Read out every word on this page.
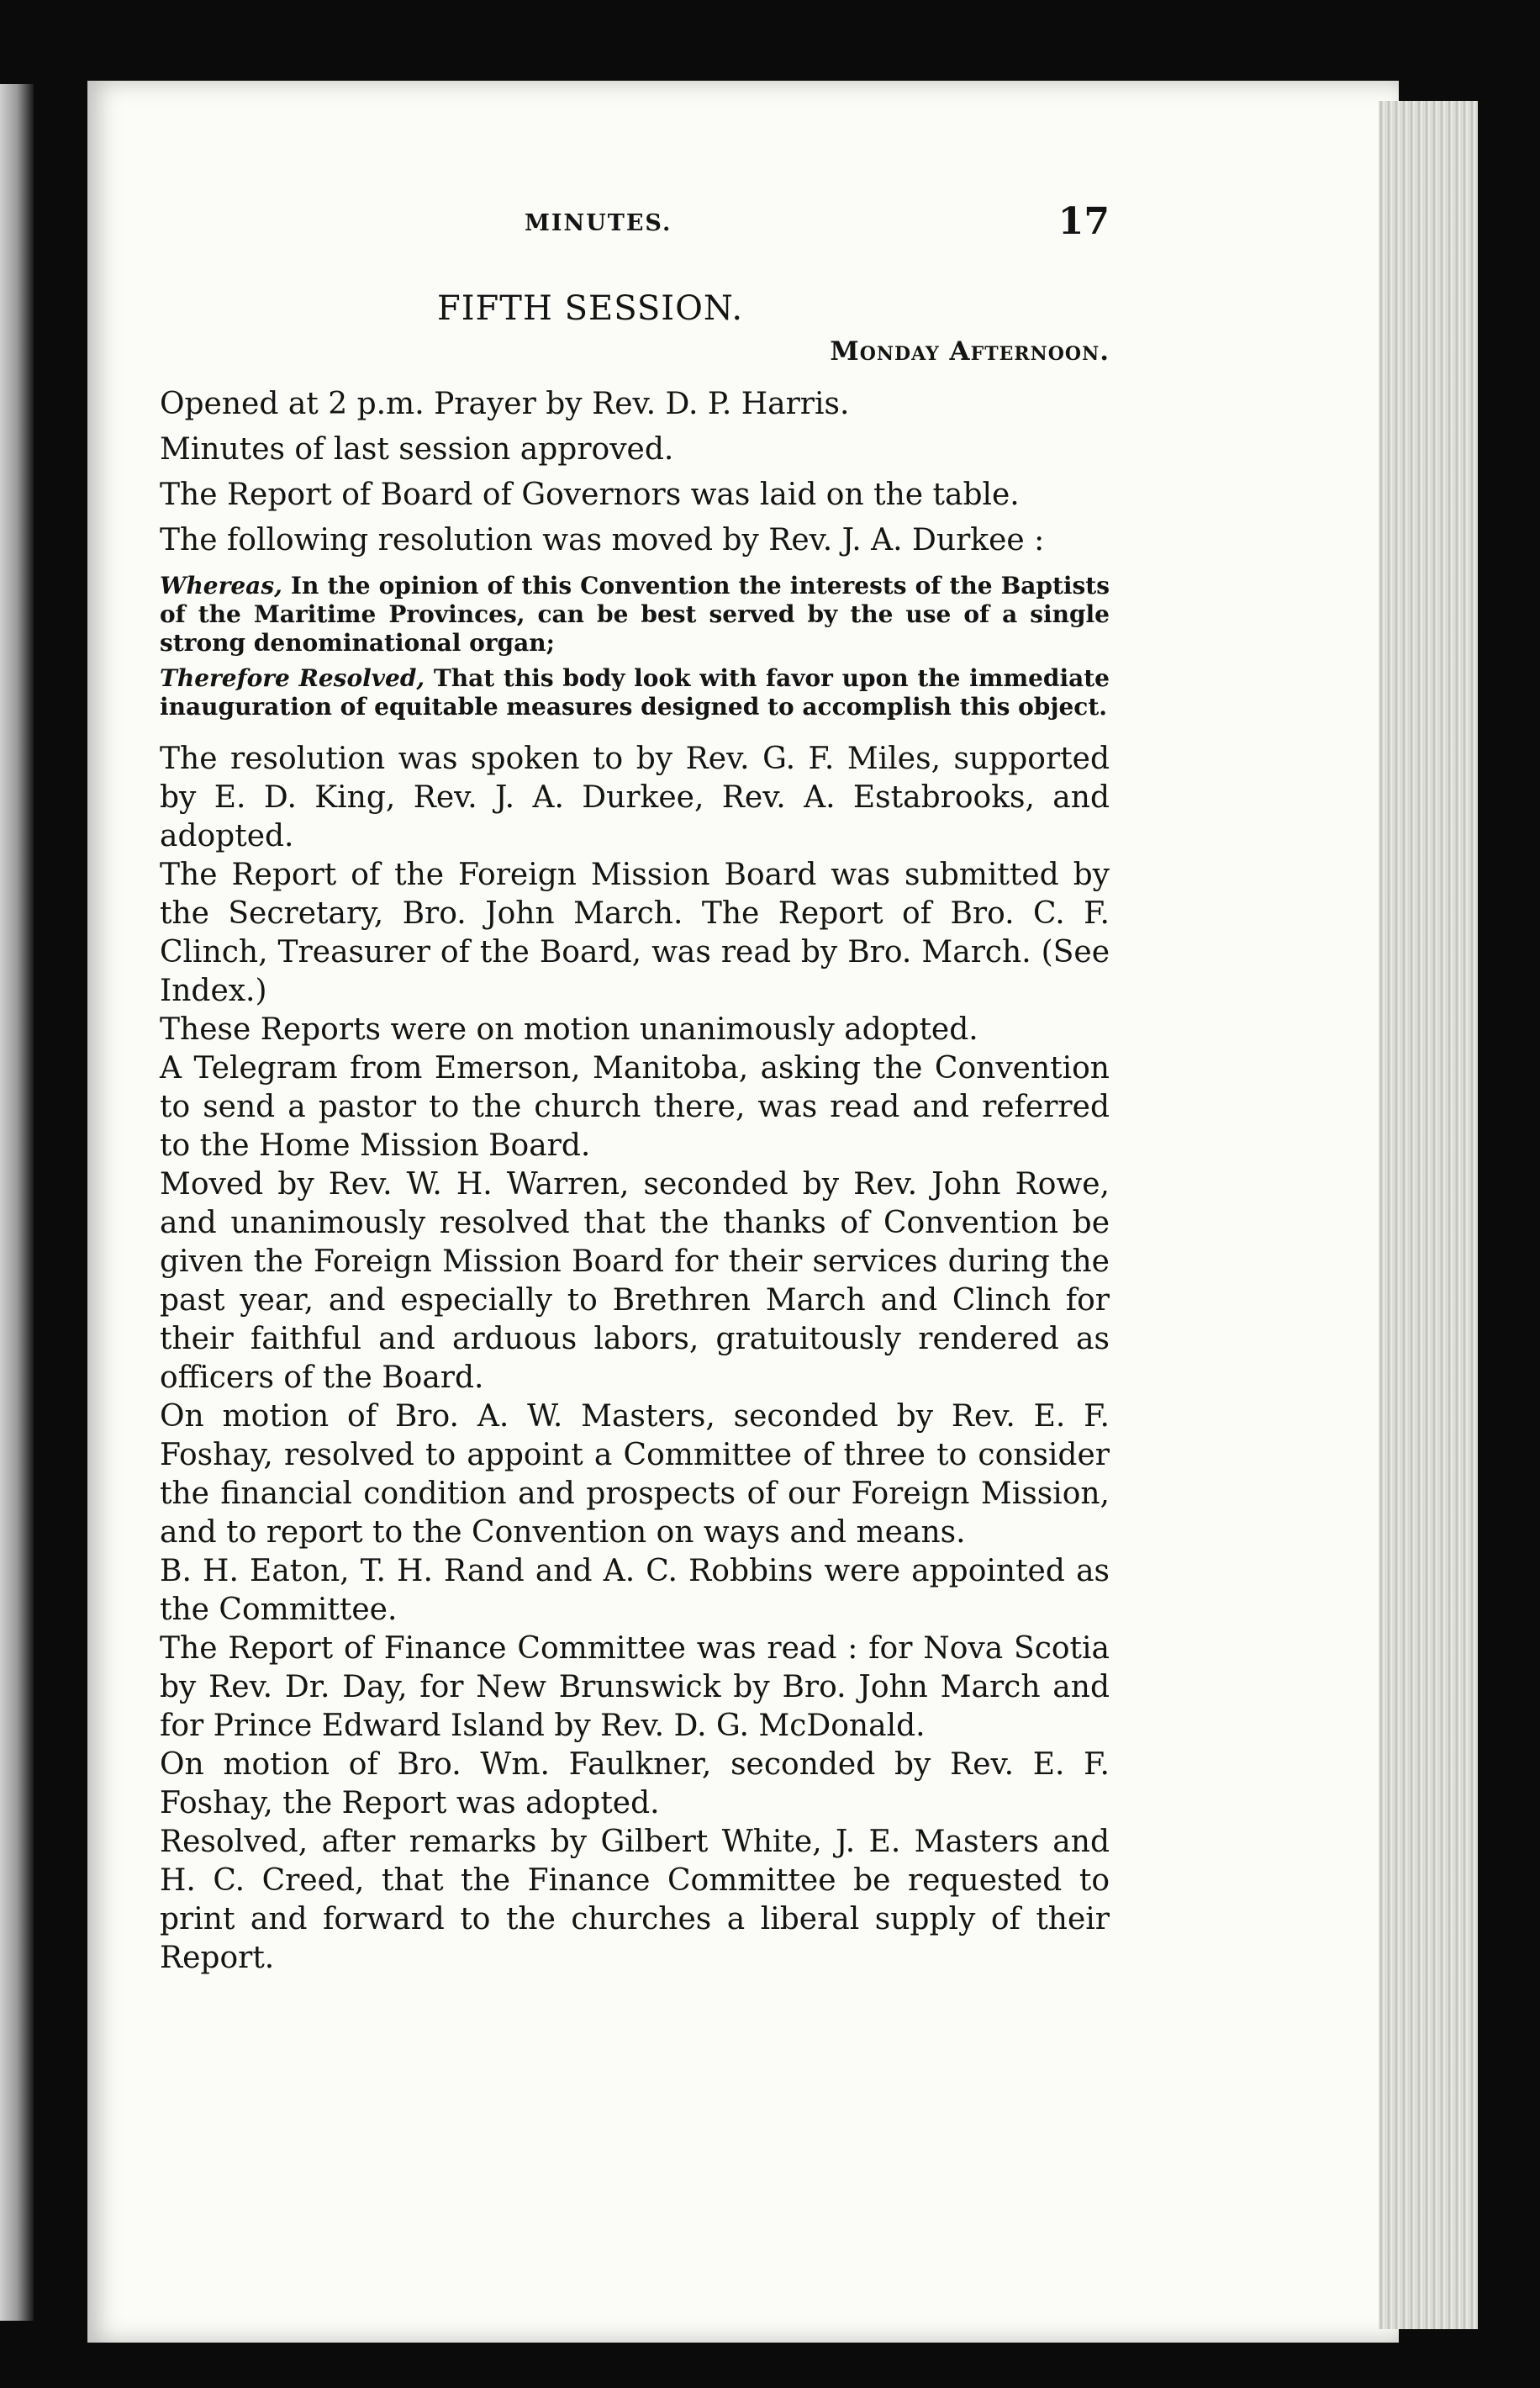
MINUTES.	17
FIFTH SESSION.
Monday Afternoon.

Opened at 2 p.m. Prayer by Rev. D. P. Harris.

Minutes of last session approved.

The Report of Board of Governors was laid on the table.

The following resolution was moved by Rev. J. A. Durkee :

Whereas, In the opinion of this Convention the interests of the Baptists of the Maritime Provinces, can be best served by the use of a single strong denominational organ;

Therefore Resolved, That this body look with favor upon the immediate inauguration of equitable measures designed to accomplish this object.

The resolution was spoken to by Rev. G. F. Miles, supported by E. D. King, Rev. J. A. Durkee, Rev. A. Estabrooks, and adopted.

The Report of the Foreign Mission Board was submitted by the Secretary, Bro. John March. The Report of Bro. C. F. Clinch, Treasurer of the Board, was read by Bro. March. (See Index.)

These Reports were on motion unanimously adopted.

A Telegram from Emerson, Manitoba, asking the Convention to send a pastor to the church there, was read and referred to the Home Mission Board.

Moved by Rev. W. H. Warren, seconded by Rev. John Rowe, and unanimously resolved that the thanks of Convention be given the Foreign Mission Board for their services during the past year, and especially to Brethren March and Clinch for their faithful and arduous labors, gratuitously rendered as officers of the Board.

On motion of Bro. A. W. Masters, seconded by Rev. E. F. Foshay, resolved to appoint a Committee of three to consider the financial condition and prospects of our Foreign Mission, and to report to the Convention on ways and means.

B. H. Eaton, T. H. Rand and A. C. Robbins were appointed as the Committee.

The Report of Finance Committee was read : for Nova Scotia by Rev. Dr. Day, for New Brunswick by Bro. John March and for Prince Edward Island by Rev. D. G. McDonald.

On motion of Bro. Wm. Faulkner, seconded by Rev. E. F. Foshay, the Report was adopted.

Resolved, after remarks by Gilbert White, J. E. Masters and H. C. Creed, that the Finance Committee be requested to print and forward to the churches a liberal supply of their Report.
